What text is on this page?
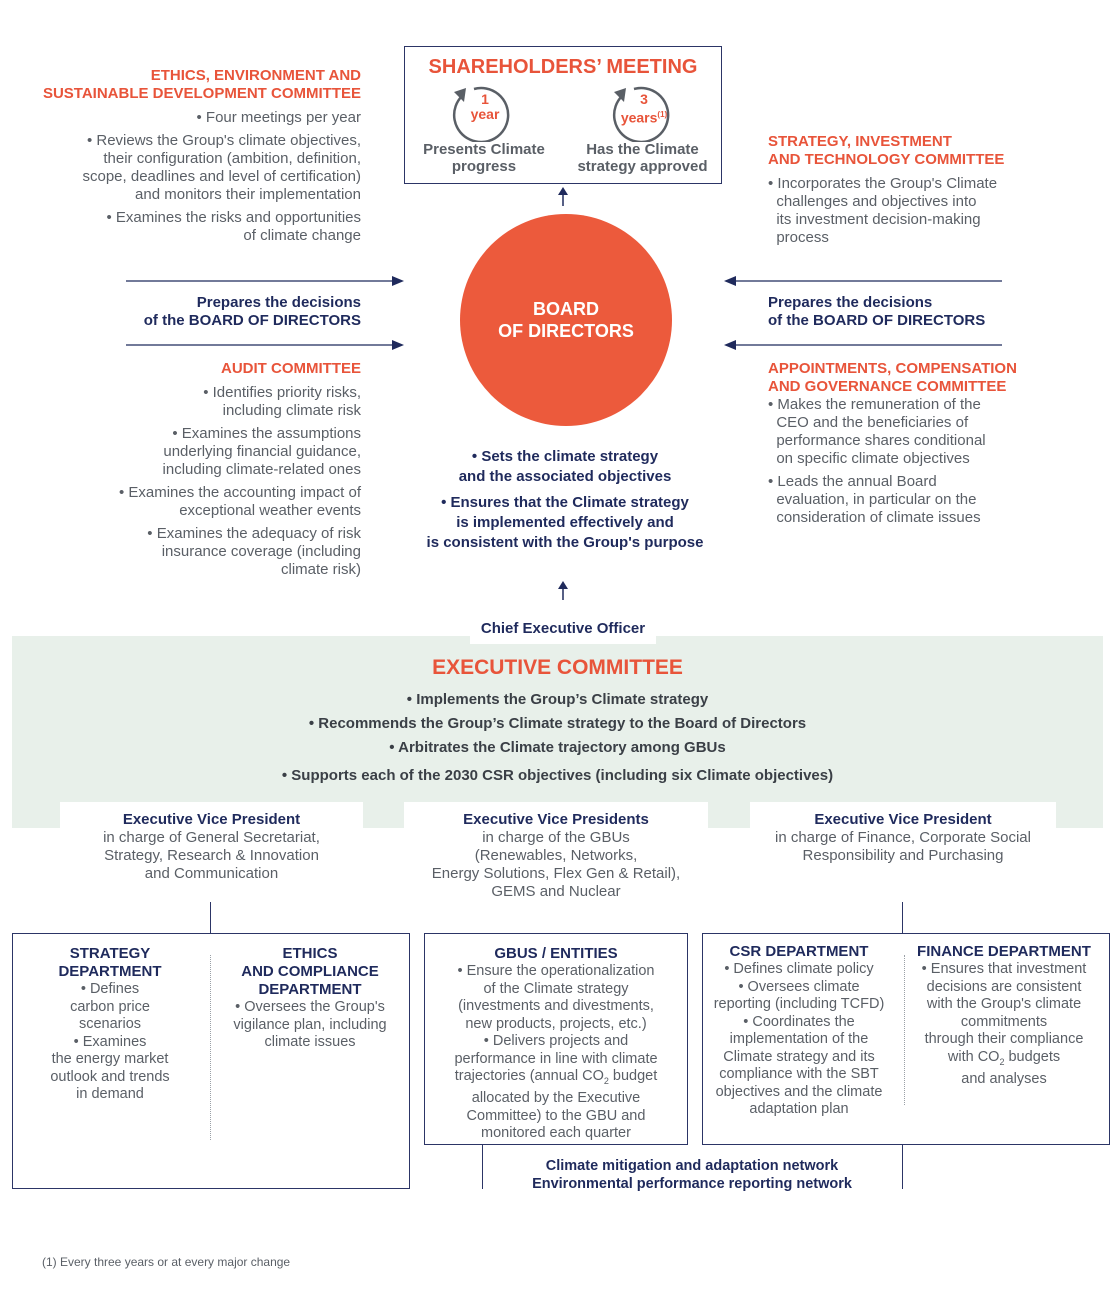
SHAREHOLDERS’ MEETING
1
year
Presents Climate
progress
3
years$^{(1)}$
Has the Climate
strategy approved
BOARD
OF DIRECTORS
• Sets the climate strategy
and the associated objectives
• Ensures that the Climate strategy
is implemented effectively and
is consistent with the Group's purpose
ETHICS, ENVIRONMENT AND
SUSTAINABLE DEVELOPMENT COMMITTEE
• Four meetings per year
• Reviews the Group's climate objectives,
their configuration (ambition, definition,
scope, deadlines and level of certification)
and monitors their implementation
• Examines the risks and opportunities
of climate change
STRATEGY, INVESTMENT
AND TECHNOLOGY COMMITTEE
• Incorporates the Group's Climate
challenges and objectives into
its investment decision-making
process
Prepares the decisions
of the BOARD OF DIRECTORS
Prepares the decisions
of the BOARD OF DIRECTORS
AUDIT COMMITTEE
• Identifies priority risks,
including climate risk
• Examines the assumptions
underlying financial guidance,
including climate-related ones
• Examines the accounting impact of
exceptional weather events
• Examines the adequacy of risk
insurance coverage (including
climate risk)
APPOINTMENTS, COMPENSATION
AND GOVERNANCE COMMITTEE
• Makes the remuneration of the
CEO and the beneficiaries of
performance shares conditional
on specific climate objectives
• Leads the annual Board
evaluation, in particular on the
consideration of climate issues
Chief Executive Officer
EXECUTIVE COMMITTEE
• Implements the Group’s Climate strategy
• Recommends the Group’s Climate strategy to the Board of Directors
• Arbitrates the Climate trajectory among GBUs
• Supports each of the 2030 CSR objectives (including six Climate objectives)
Executive Vice President
in charge of General Secretariat,
Strategy, Research & Innovation
and Communication
Executive Vice Presidents
in charge of the GBUs
(Renewables, Networks,
Energy Solutions, Flex Gen & Retail),
GEMS and Nuclear
Executive Vice President
in charge of Finance, Corporate Social
Responsibility and Purchasing
STRATEGY
DEPARTMENT
• Defines
carbon price
scenarios
• Examines
the energy market
outlook and trends
in demand
ETHICS
AND COMPLIANCE
DEPARTMENT
• Oversees the Group's
vigilance plan, including
climate issues
GBUS / ENTITIES
• Ensure the operationalization
of the Climate strategy
(investments and divestments,
new products, projects, etc.)
• Delivers projects and
performance in line with climate
trajectories (annual $CO_2$ budget
allocated by the Executive
Committee) to the GBU and
monitored each quarter
CSR DEPARTMENT
• Defines climate policy
• Oversees climate
reporting (including TCFD)
• Coordinates the
implementation of the
Climate strategy and its
compliance with the SBT
objectives and the climate
adaptation plan
FINANCE DEPARTMENT
• Ensures that investment
decisions are consistent
with the Group's climate
commitments
through their compliance
with $CO_2$ budgets
and analyses
Climate mitigation and adaptation network
Environmental performance reporting network
(1) Every three years or at every major change
